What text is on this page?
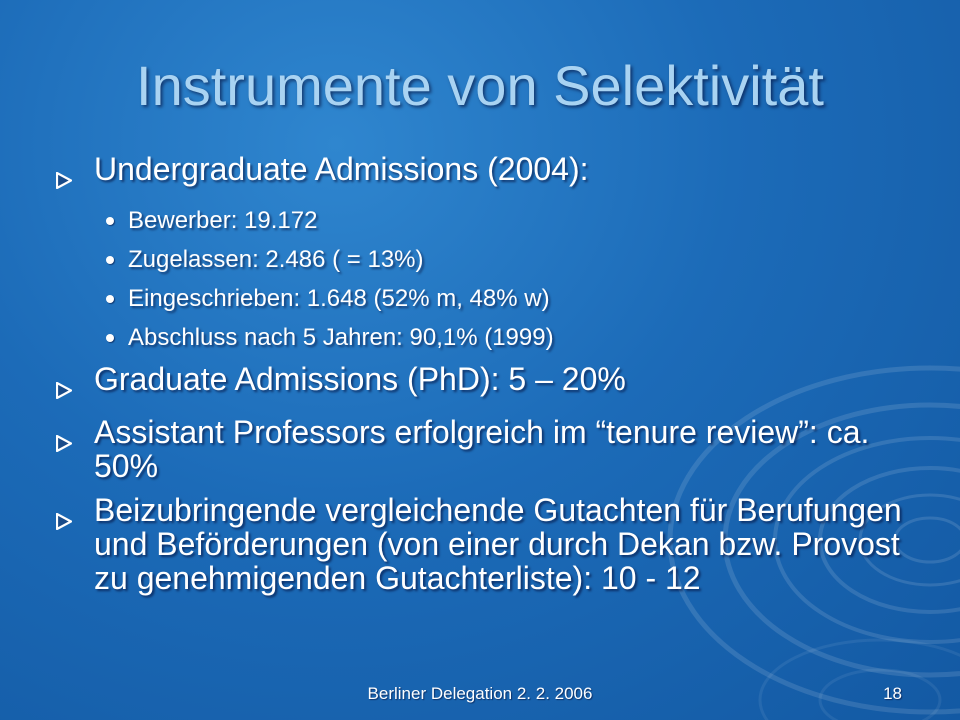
Instrumente von Selektivität
Undergraduate Admissions (2004):
Bewerber: 19.172
Zugelassen: 2.486 ( = 13%)
Eingeschrieben: 1.648 (52% m, 48% w)
Abschluss nach 5 Jahren: 90,1% (1999)
Graduate Admissions (PhD): 5 – 20%
Assistant Professors erfolgreich im “tenure review”: ca. 50%
Beizubringende vergleichende Gutachten für Berufungen und Beförderungen (von einer durch Dekan bzw. Provost zu genehmigenden Gutachterliste): 10 - 12
Berliner Delegation 2. 2. 2006	18
